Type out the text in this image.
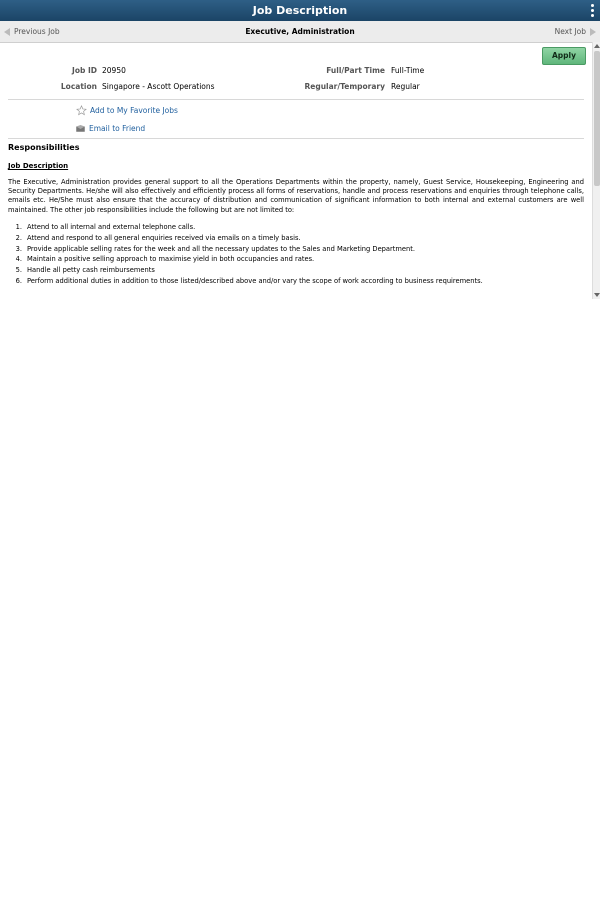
Job Description
Previous Job	Executive, Administration	Next Job
Apply
Job ID 20950	Full/Part Time Full-Time
Location Singapore - Ascott Operations	Regular/Temporary Regular
Add to My Favorite Jobs
Email to Friend
Responsibilities
Job Description

The Executive, Administration provides general support to all the Operations Departments within the property, namely, Guest Service, Housekeeping, Engineering and Security Departments. He/she will also effectively and efficiently process all forms of reservations, handle and process reservations and enquiries through telephone calls, emails etc. He/She must also ensure that the accuracy of distribution and communication of significant information to both internal and external customers are well maintained. The other job responsibilities include the following but are not limited to:

1. Attend to all internal and external telephone calls.
2. Attend and respond to all general enquiries received via emails on a timely basis.
3. Provide applicable selling rates for the week and all the necessary updates to the Sales and Marketing Department.
4. Maintain a positive selling approach to maximise yield in both occupancies and rates.
5. Handle all petty cash reimbursements
6. Perform additional duties in addition to those listed/described above and/or vary the scope of work according to business requirements.
